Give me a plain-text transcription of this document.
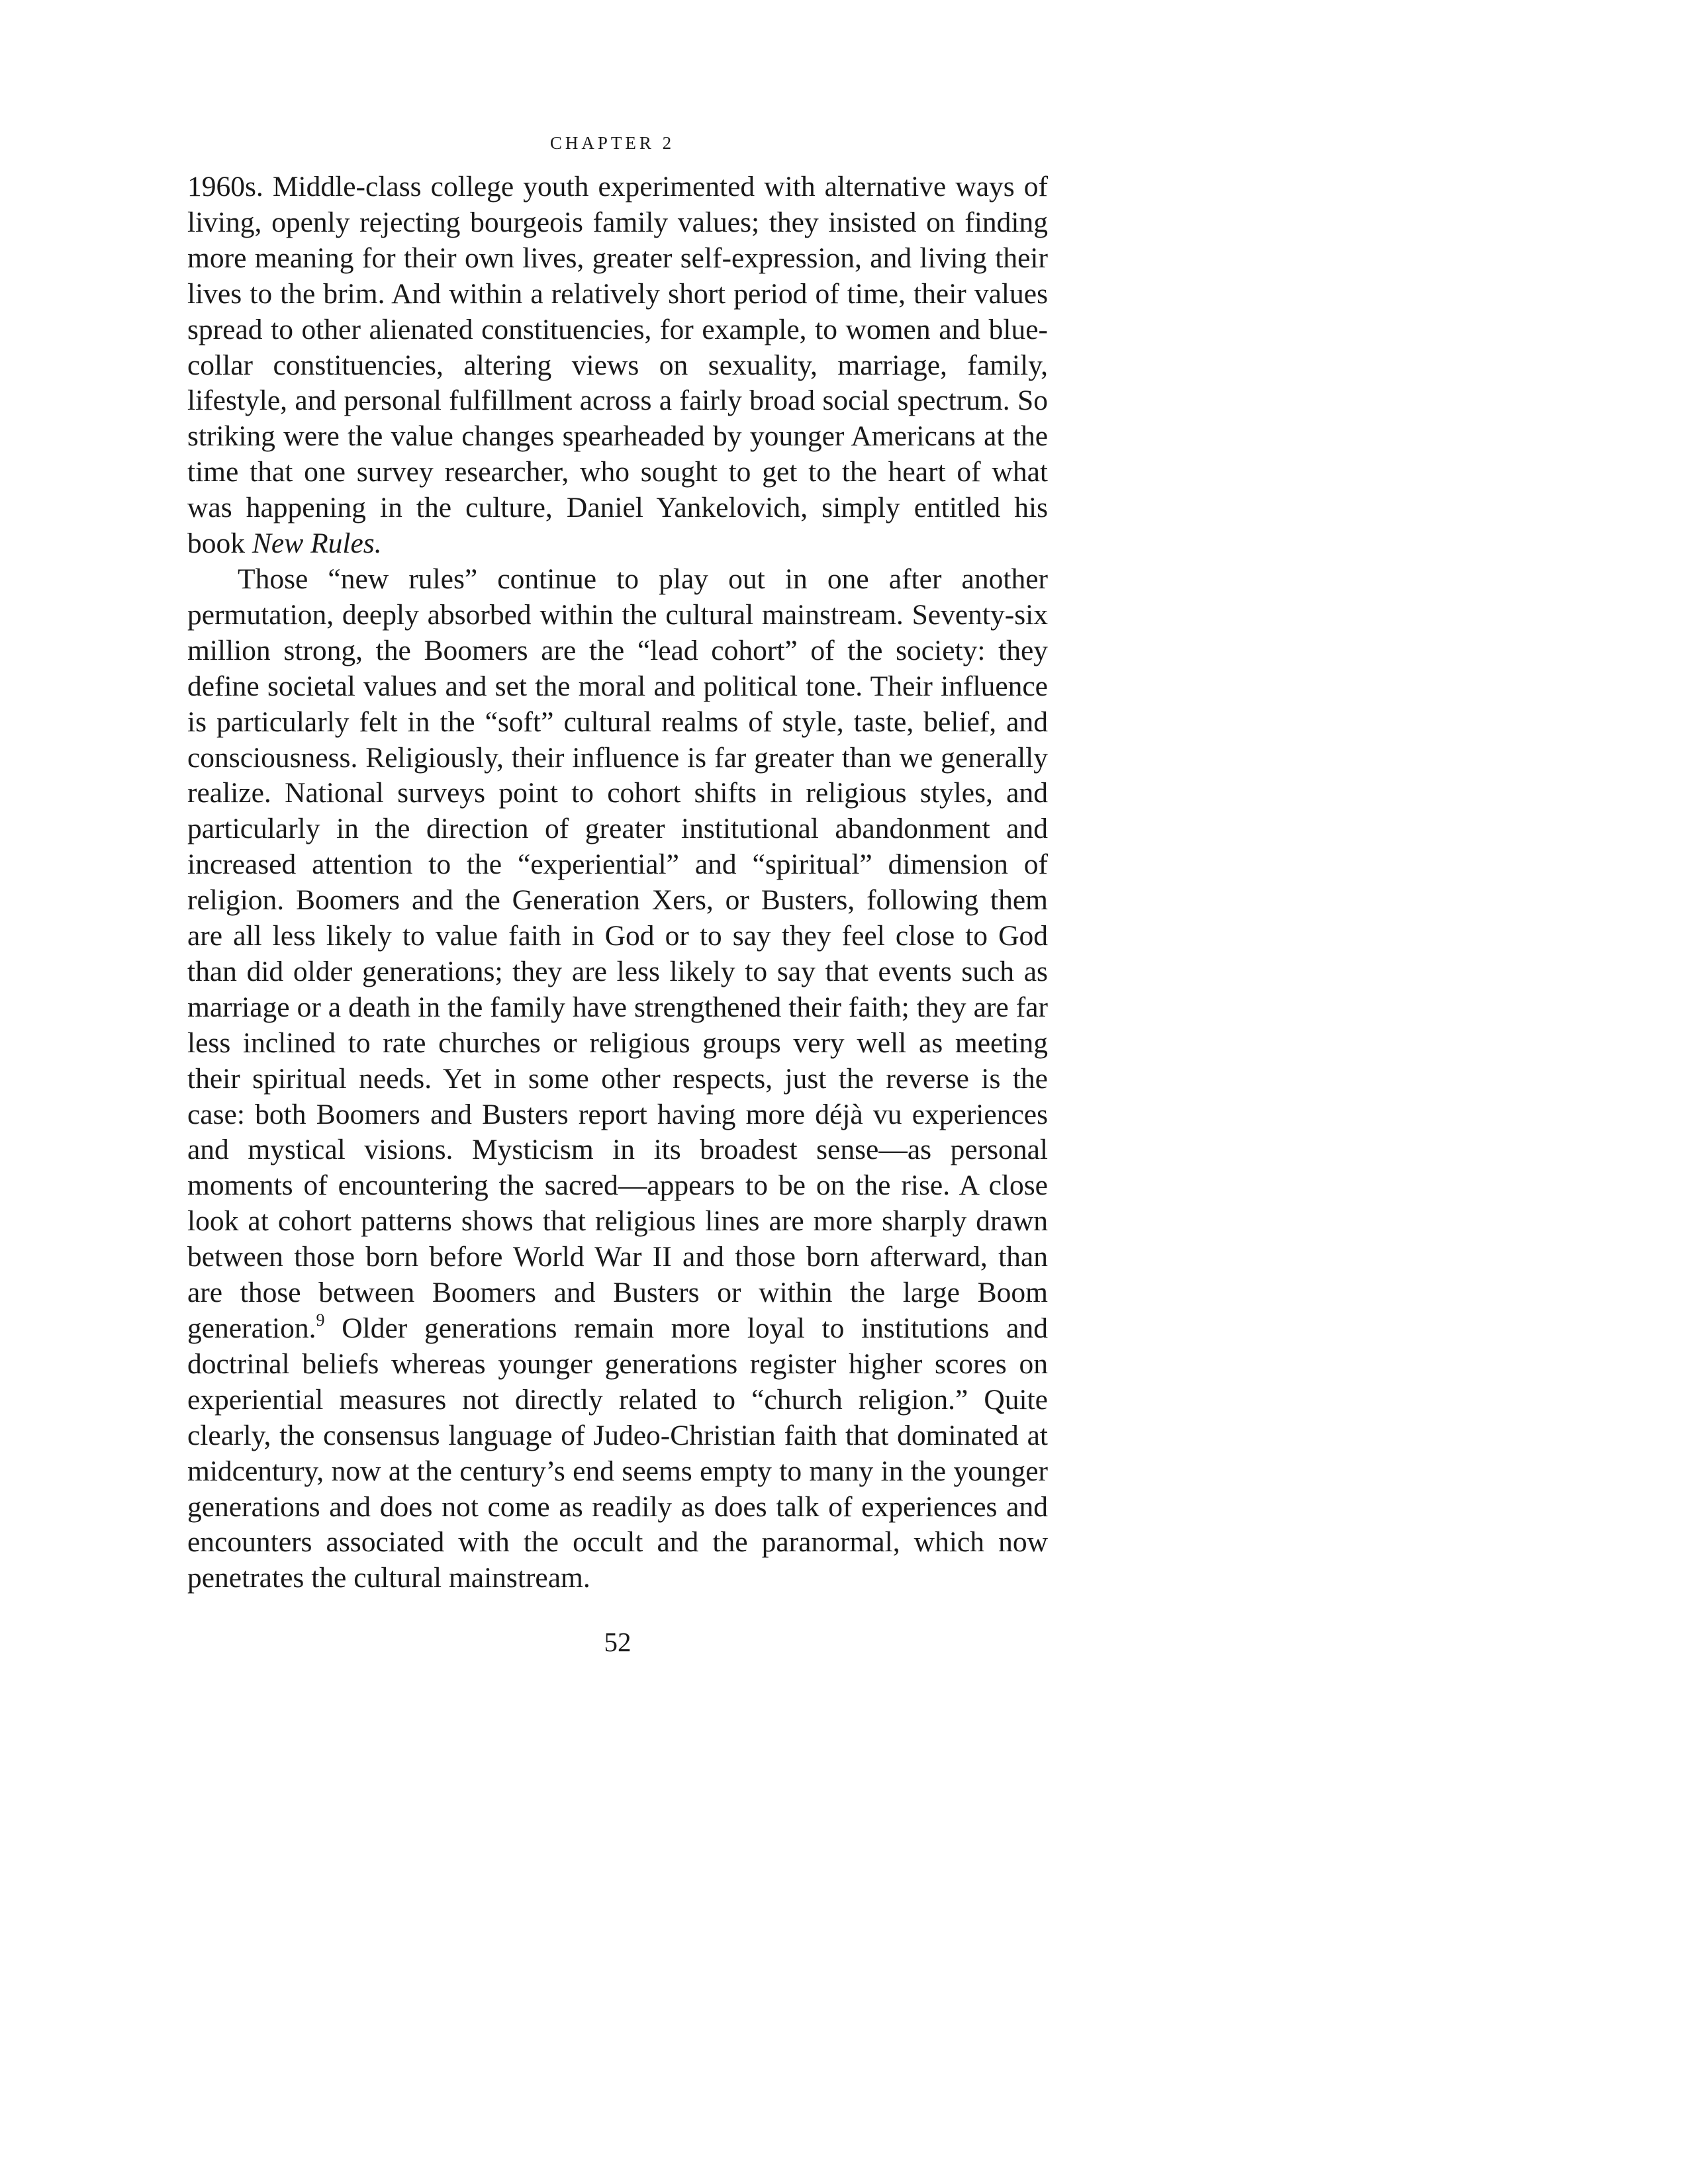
CHAPTER 2

1960s. Middle-class college youth experimented with alternative ways of living, openly rejecting bourgeois family values; they insisted on finding more meaning for their own lives, greater self-expression, and living their lives to the brim. And within a relatively short period of time, their values spread to other alienated constituencies, for example, to women and blue-collar constituencies, altering views on sexuality, marriage, family, lifestyle, and personal fulfillment across a fairly broad social spectrum. So striking were the value changes spearheaded by younger Americans at the time that one survey researcher, who sought to get to the heart of what was happening in the culture, Daniel Yankelovich, simply entitled his book New Rules.

Those “new rules” continue to play out in one after another permutation, deeply absorbed within the cultural mainstream. Seventy-six million strong, the Boomers are the “lead cohort” of the society: they define societal values and set the moral and political tone. Their influence is particularly felt in the “soft” cultural realms of style, taste, belief, and consciousness. Religiously, their influence is far greater than we generally realize. National surveys point to cohort shifts in religious styles, and particularly in the direction of greater institutional abandonment and increased attention to the “experiential” and “spiritual” dimension of religion. Boomers and the Generation Xers, or Busters, following them are all less likely to value faith in God or to say they feel close to God than did older generations; they are less likely to say that events such as marriage or a death in the family have strengthened their faith; they are far less inclined to rate churches or religious groups very well as meeting their spiritual needs. Yet in some other respects, just the reverse is the case: both Boomers and Busters report having more déjà vu experiences and mystical visions. Mysticism in its broadest sense—as personal moments of encountering the sacred—appears to be on the rise. A close look at cohort patterns shows that religious lines are more sharply drawn between those born before World War II and those born afterward, than are those between Boomers and Busters or within the large Boom generation.$^9$ Older generations remain more loyal to institutions and doctrinal beliefs whereas younger generations register higher scores on experiential measures not directly related to “church religion.” Quite clearly, the consensus language of Judeo-Christian faith that dominated at midcentury, now at the century’s end seems empty to many in the younger generations and does not come as readily as does talk of experiences and encounters associated with the occult and the paranormal, which now penetrates the cultural mainstream.

52
